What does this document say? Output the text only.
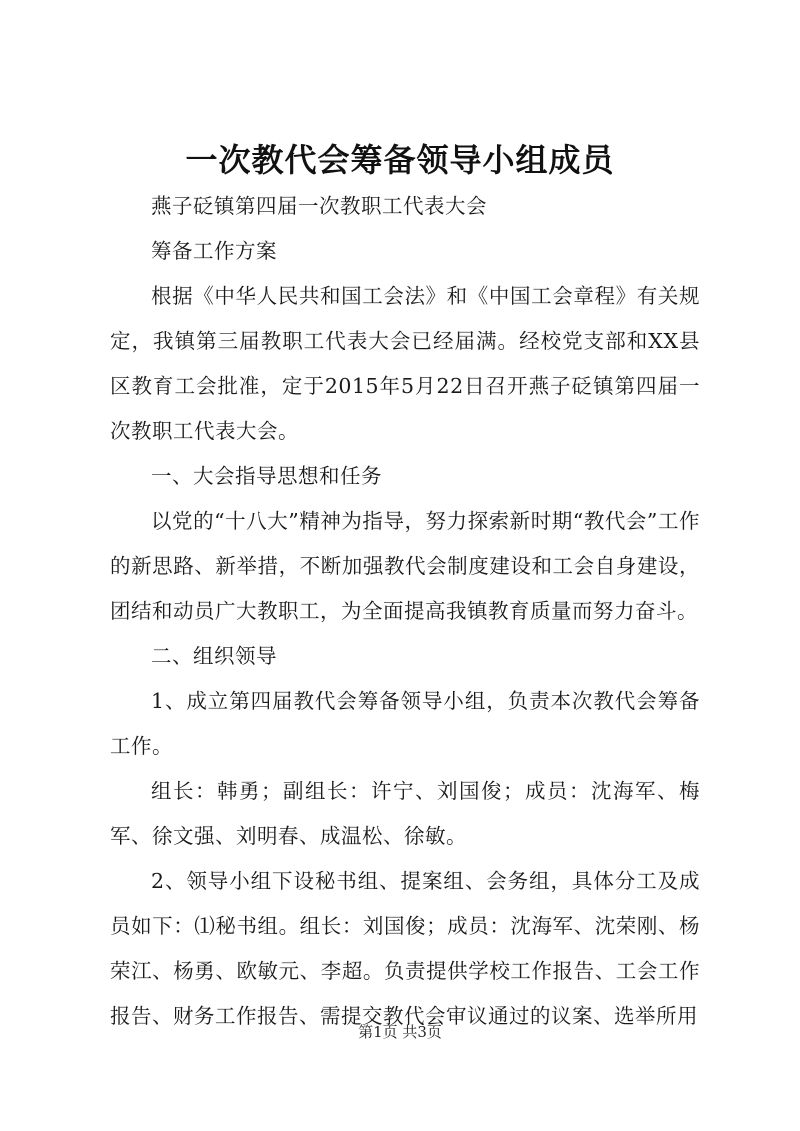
一次教代会筹备领导小组成员

燕子砭镇第四届一次教职工代表大会

筹备工作方案

根据《中华人民共和国工会法》和《中国工会章程》有关规定，我镇第三届教职工代表大会已经届满。经校党支部和XX县区教育工会批准，定于2015年5月22日召开燕子砭镇第四届一次教职工代表大会。

一、大会指导思想和任务

以党的“十八大”精神为指导，努力探索新时期“教代会”工作的新思路、新举措，不断加强教代会制度建设和工会自身建设，团结和动员广大教职工，为全面提高我镇教育质量而努力奋斗。

二、组织领导

1、成立第四届教代会筹备领导小组，负责本次教代会筹备工作。

组长：韩勇；副组长：许宁、刘国俊；成员：沈海军、梅军、徐文强、刘明春、成温松、徐敏。

2、领导小组下设秘书组、提案组、会务组，具体分工及成员如下：⑴秘书组。组长：刘国俊；成员：沈海军、沈荣刚、杨荣江、杨勇、欧敏元、李超。负责提供学校工作报告、工会工作报告、财务工作报告、需提交教代会审议通过的议案、选举所用

第1页 共3页
